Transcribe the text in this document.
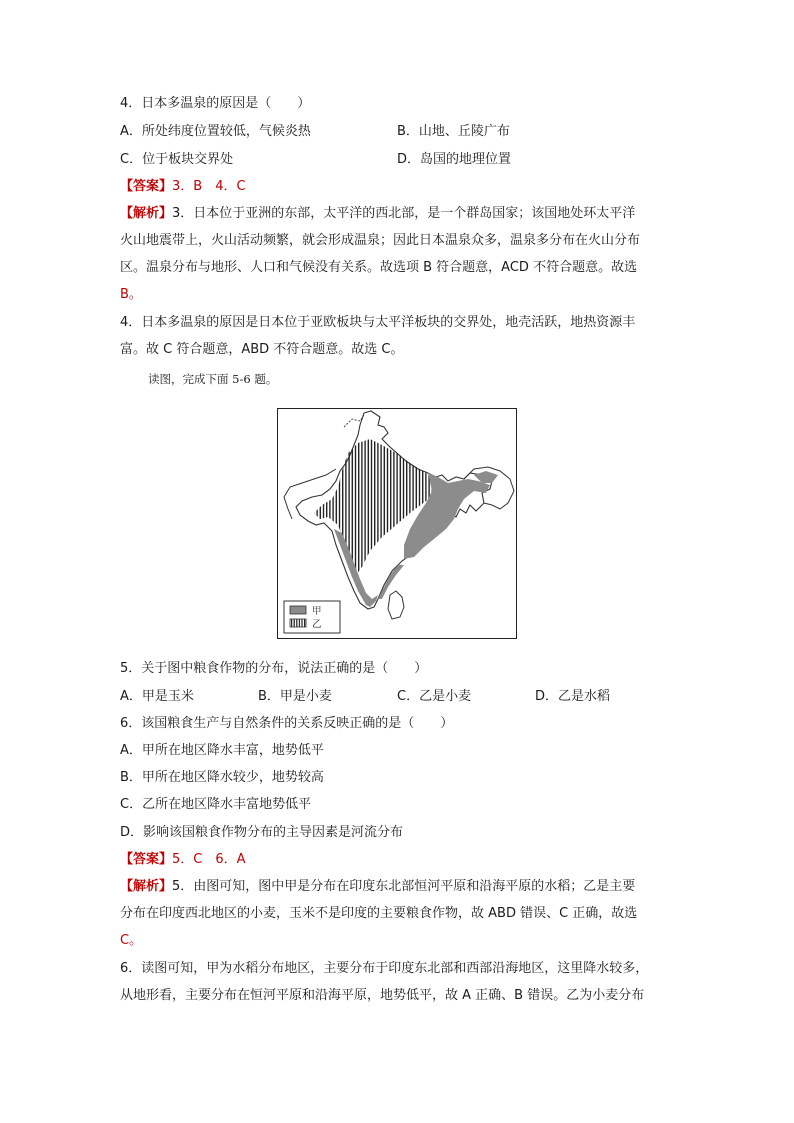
4．日本多温泉的原因是（　　）
A．所处纬度位置较低，气候炎热	B．山地、丘陵广布
C．位于板块交界处	D．岛国的地理位置
【答案】3．B　4．C
【解析】3．日本位于亚洲的东部，太平洋的西北部，是一个群岛国家；该国地处环太平洋
火山地震带上，火山活动频繁，就会形成温泉；因此日本温泉众多，温泉多分布在火山分布
区。温泉分布与地形、人口和气候没有关系。故选项 B 符合题意，ACD 不符合题意。故选
B。
4．日本多温泉的原因是日本位于亚欧板块与太平洋板块的交界处，地壳活跃，地热资源丰
富。故 C 符合题意，ABD 不符合题意。故选 C。
读图，完成下面 5-6 题。
甲
乙
5．关于图中粮食作物的分布，说法正确的是（　　）
A．甲是玉米	B．甲是小麦	C．乙是小麦	D．乙是水稻
6．该国粮食生产与自然条件的关系反映正确的是（　　）
A．甲所在地区降水丰富，地势低平
B．甲所在地区降水较少，地势较高
C．乙所在地区降水丰富地势低平
D．影响该国粮食作物分布的主导因素是河流分布
【答案】5．C　6．A
【解析】5．由图可知，图中甲是分布在印度东北部恒河平原和沿海平原的水稻；乙是主要
分布在印度西北地区的小麦，玉米不是印度的主要粮食作物，故 ABD 错误、C 正确，故选
C。
6．读图可知，甲为水稻分布地区，主要分布于印度东北部和西部沿海地区，这里降水较多，
从地形看，主要分布在恒河平原和沿海平原，地势低平，故 A 正确、B 错误。乙为小麦分布
